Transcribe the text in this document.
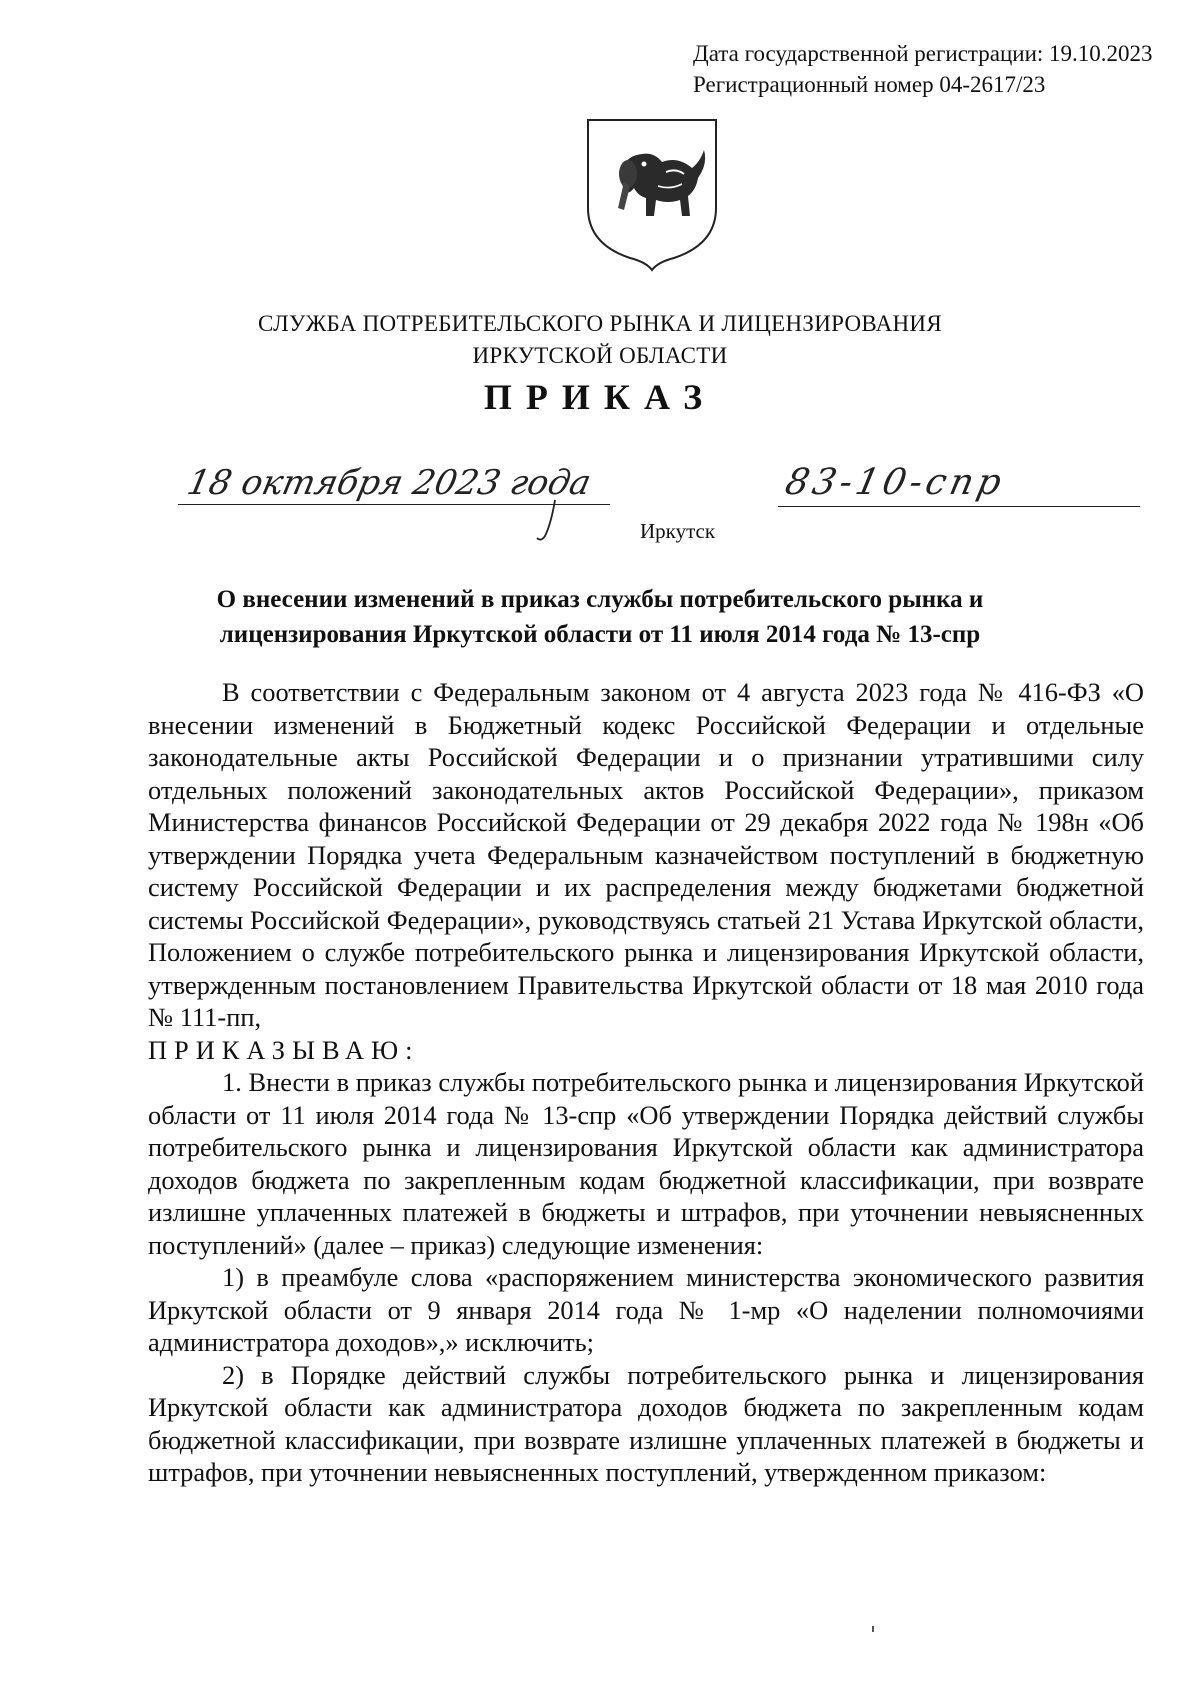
Дата государственной регистрации: 19.10.2023
Регистрационный номер 04-2617/23
СЛУЖБА ПОТРЕБИТЕЛЬСКОГО РЫНКА И ЛИЦЕНЗИРОВАНИЯ
ИРКУТСКОЙ ОБЛАСТИ
ПРИКАЗ
18 октября 2023 года
Иркутск
83-10-спр
О внесении изменений в приказ службы потребительского рынка и
лицензирования Иркутской области от 11 июля 2014 года № 13-спр

В соответствии с Федеральным законом от 4 августа 2023 года № 416-ФЗ «О внесении изменений в Бюджетный кодекс Российской Федерации и отдельные законодательные акты Российской Федерации и о признании утратившими силу отдельных положений законодательных актов Российской Федерации», приказом Министерства финансов Российской Федерации от 29 декабря 2022 года № 198н «Об утверждении Порядка учета Федеральным казначейством поступлений в бюджетную систему Российской Федерации и их распределения между бюджетами бюджетной системы Российской Федерации», руководствуясь статьей 21 Устава Иркутской области, Положением о службе потребительского рынка и лицензирования Иркутской области, утвержденным постановлением Правительства Иркутской области от 18 мая 2010 года № 111-пп,

ПРИКАЗЫВАЮ:

1. Внести в приказ службы потребительского рынка и лицензирования Иркутской области от 11 июля 2014 года № 13-спр «Об утверждении Порядка действий службы потребительского рынка и лицензирования Иркутской области как администратора доходов бюджета по закрепленным кодам бюджетной классификации, при возврате излишне уплаченных платежей в бюджеты и штрафов, при уточнении невыясненных поступлений» (далее – приказ) следующие изменения:

1) в преамбуле слова «распоряжением министерства экономического развития Иркутской области от 9 января 2014 года № 1-мр «О наделении полномочиями администратора доходов»,» исключить;

2) в Порядке действий службы потребительского рынка и лицензирования Иркутской области как администратора доходов бюджета по закрепленным кодам бюджетной классификации, при возврате излишне уплаченных платежей в бюджеты и штрафов, при уточнении невыясненных поступлений, утвержденном приказом:
